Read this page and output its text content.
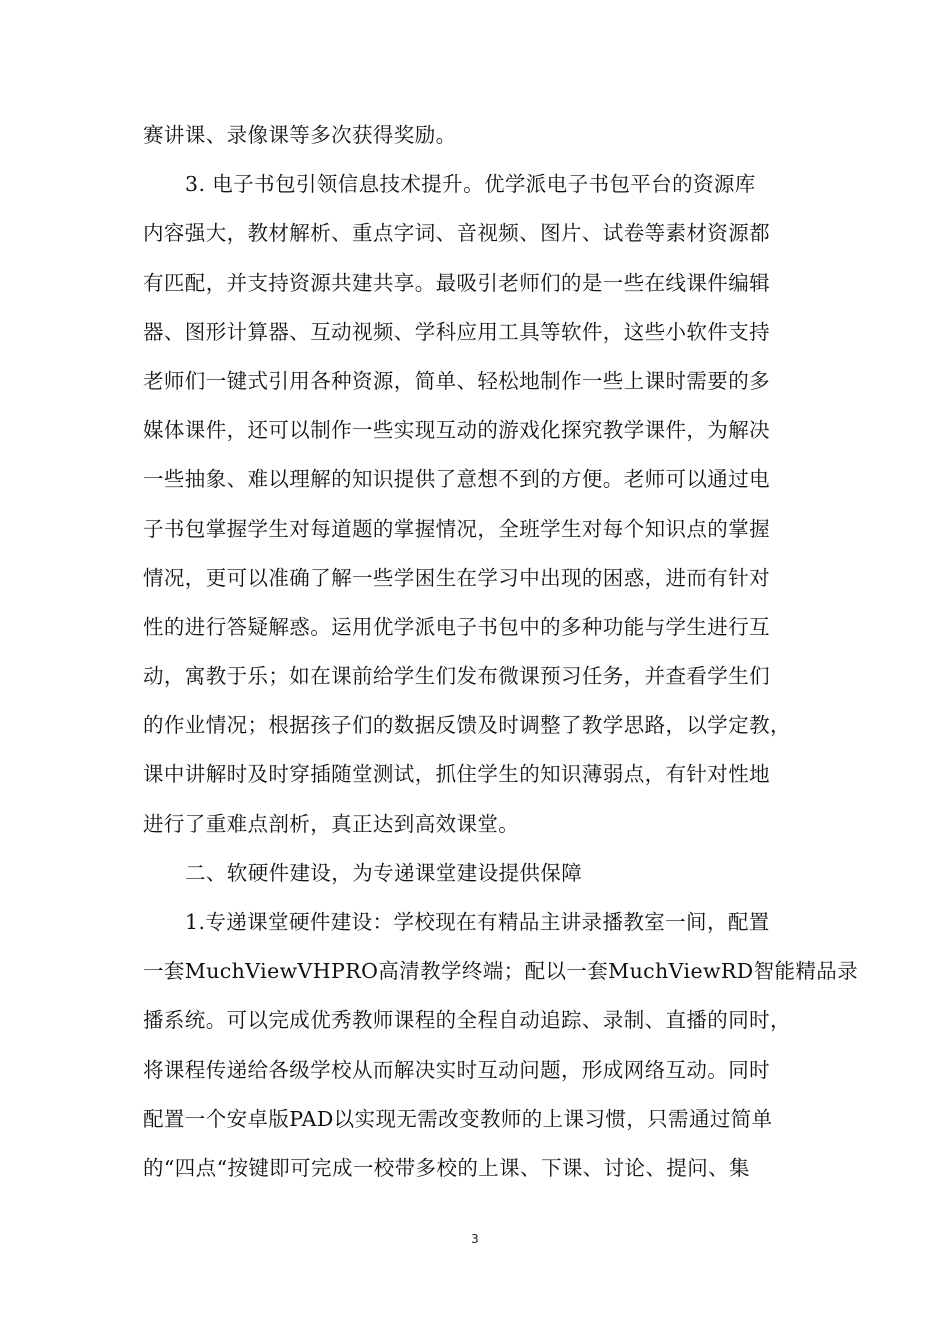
赛讲课、录像课等多次获得奖励。
3. 电子书包引领信息技术提升。优学派电子书包平台的资源库
内容强大，教材解析、重点字词、音视频、图片、试卷等素材资源都
有匹配，并支持资源共建共享。最吸引老师们的是一些在线课件编辑
器、图形计算器、互动视频、学科应用工具等软件，这些小软件支持
老师们一键式引用各种资源，简单、轻松地制作一些上课时需要的多
媒体课件，还可以制作一些实现互动的游戏化探究教学课件，为解决
一些抽象、难以理解的知识提供了意想不到的方便。老师可以通过电
子书包掌握学生对每道题的掌握情况，全班学生对每个知识点的掌握
情况，更可以准确了解一些学困生在学习中出现的困惑，进而有针对
性的进行答疑解惑。运用优学派电子书包中的多种功能与学生进行互
动，寓教于乐；如在课前给学生们发布微课预习任务，并查看学生们
的作业情况；根据孩子们的数据反馈及时调整了教学思路，以学定教，
课中讲解时及时穿插随堂测试，抓住学生的知识薄弱点，有针对性地
进行了重难点剖析，真正达到高效课堂。
二、软硬件建设，为专递课堂建设提供保障
1.专递课堂硬件建设：学校现在有精品主讲录播教室一间，配置
一套MuchViewVHPRO高清教学终端；配以一套MuchViewRD智能精品录
播系统。可以完成优秀教师课程的全程自动追踪、录制、直播的同时，
将课程传递给各级学校从而解决实时互动问题，形成网络互动。同时
配置一个安卓版PAD以实现无需改变教师的上课习惯，只需通过简单
的“四点“按键即可完成一校带多校的上课、下课、讨论、提问、集
3
